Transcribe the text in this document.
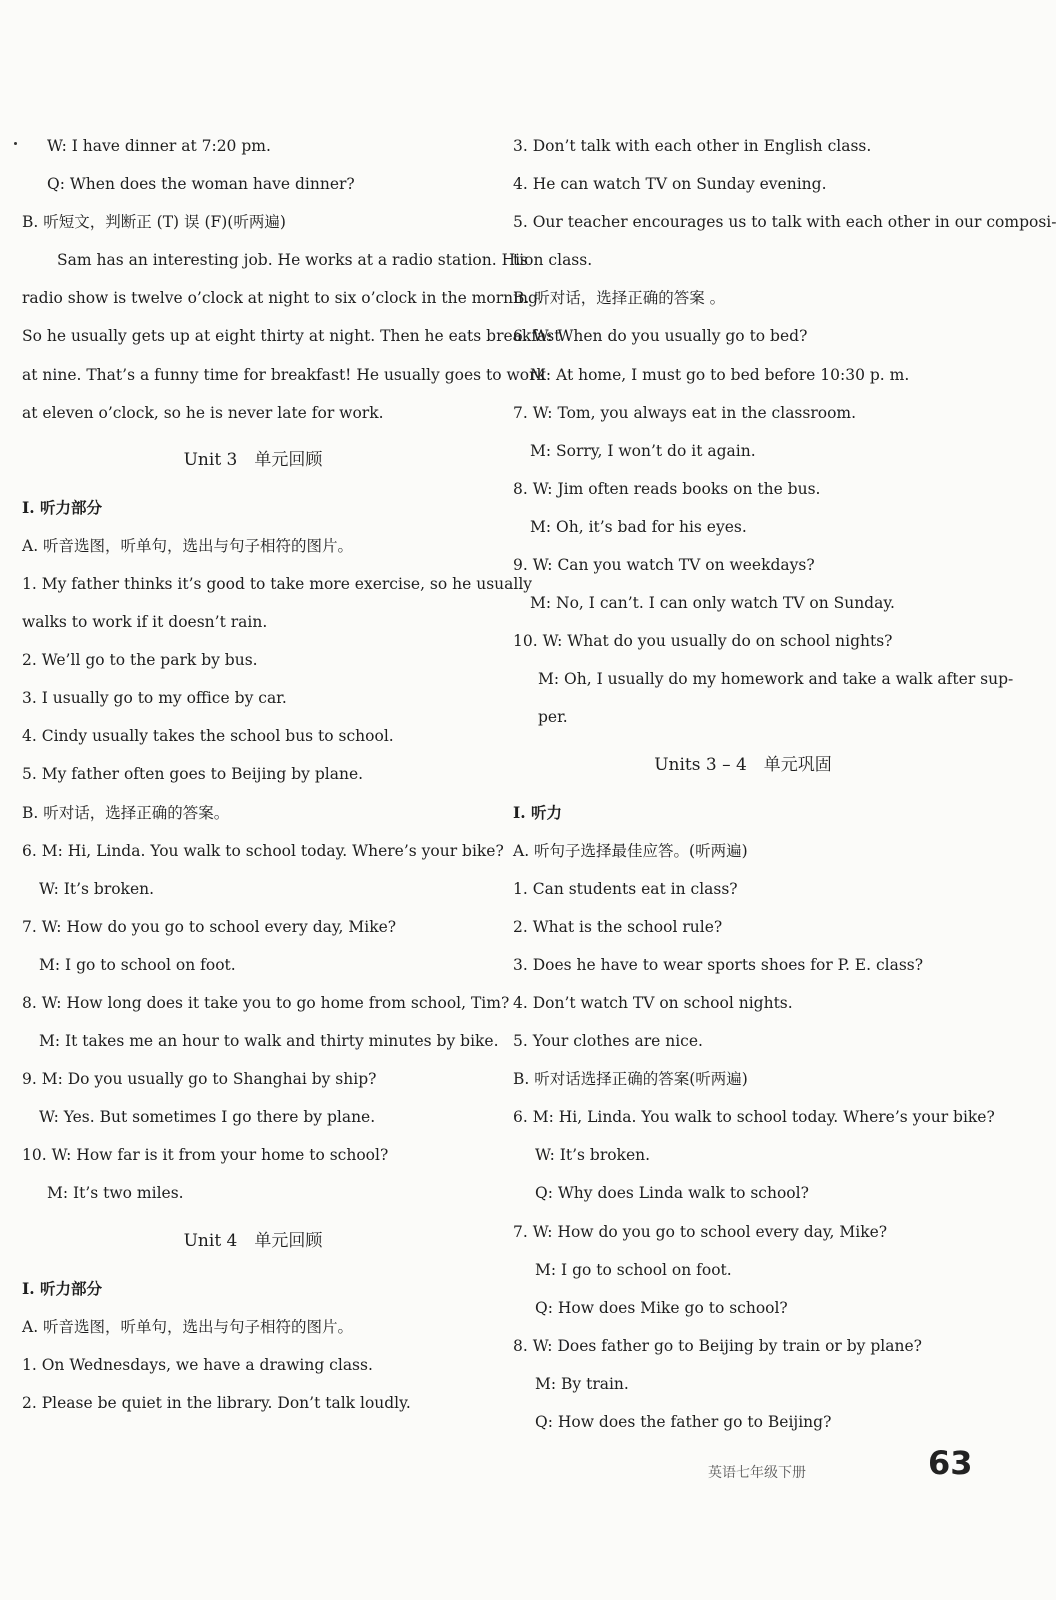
W: I have dinner at 7:20 pm.
Q: When does the woman have dinner?
B. 听短文，判断正 (T) 误 (F)(听两遍)
Sam has an interesting job. He works at a radio station. His
radio show is twelve o’clock at night to six o’clock in the morning.
So he usually gets up at eight thirty at night. Then he eats breakfast
at nine. That’s a funny time for breakfast! He usually goes to work
at eleven o’clock, so he is never late for work.
Unit 3　单元回顾
Ⅰ. 听力部分
A. 听音选图，听单句，选出与句子相符的图片。
1. My father thinks it’s good to take more exercise, so he usually
walks to work if it doesn’t rain.
2. We’ll go to the park by bus.
3. I usually go to my office by car.
4. Cindy usually takes the school bus to school.
5. My father often goes to Beijing by plane.
B. 听对话，选择正确的答案。
6. M: Hi, Linda. You walk to school today. Where’s your bike?
W: It’s broken.
7. W: How do you go to school every day, Mike?
M: I go to school on foot.
8. W: How long does it take you to go home from school, Tim?
M: It takes me an hour to walk and thirty minutes by bike.
9. M: Do you usually go to Shanghai by ship?
W: Yes. But sometimes I go there by plane.
10. W: How far is it from your home to school?
M: It’s two miles.
Unit 4　单元回顾
Ⅰ. 听力部分
A. 听音选图，听单句，选出与句子相符的图片。
1. On Wednesdays, we have a drawing class.
2. Please be quiet in the library. Don’t talk loudly.
3. Don’t talk with each other in English class.
4. He can watch TV on Sunday evening.
5. Our teacher encourages us to talk with each other in our composi-
tion class.
B. 听对话，选择正确的答案 。
6. W: When do you usually go to bed?
M: At home, I must go to bed before 10:30 p. m.
7. W: Tom, you always eat in the classroom.
M: Sorry, I won’t do it again.
8. W: Jim often reads books on the bus.
M: Oh, it’s bad for his eyes.
9. W: Can you watch TV on weekdays?
M: No, I can’t. I can only watch TV on Sunday.
10. W: What do you usually do on school nights?
M: Oh, I usually do my homework and take a walk after sup-
per.
Units 3 – 4　单元巩固
Ⅰ. 听力
A. 听句子选择最佳应答。(听两遍)
1. Can students eat in class?
2. What is the school rule?
3. Does he have to wear sports shoes for P. E. class?
4. Don’t watch TV on school nights.
5. Your clothes are nice.
B. 听对话选择正确的答案(听两遍)
6. M: Hi, Linda. You walk to school today. Where’s your bike?
W: It’s broken.
Q: Why does Linda walk to school?
7. W: How do you go to school every day, Mike?
M: I go to school on foot.
Q: How does Mike go to school?
8. W: Does father go to Beijing by train or by plane?
M: By train.
Q: How does the father go to Beijing?
英语七年级下册	63
